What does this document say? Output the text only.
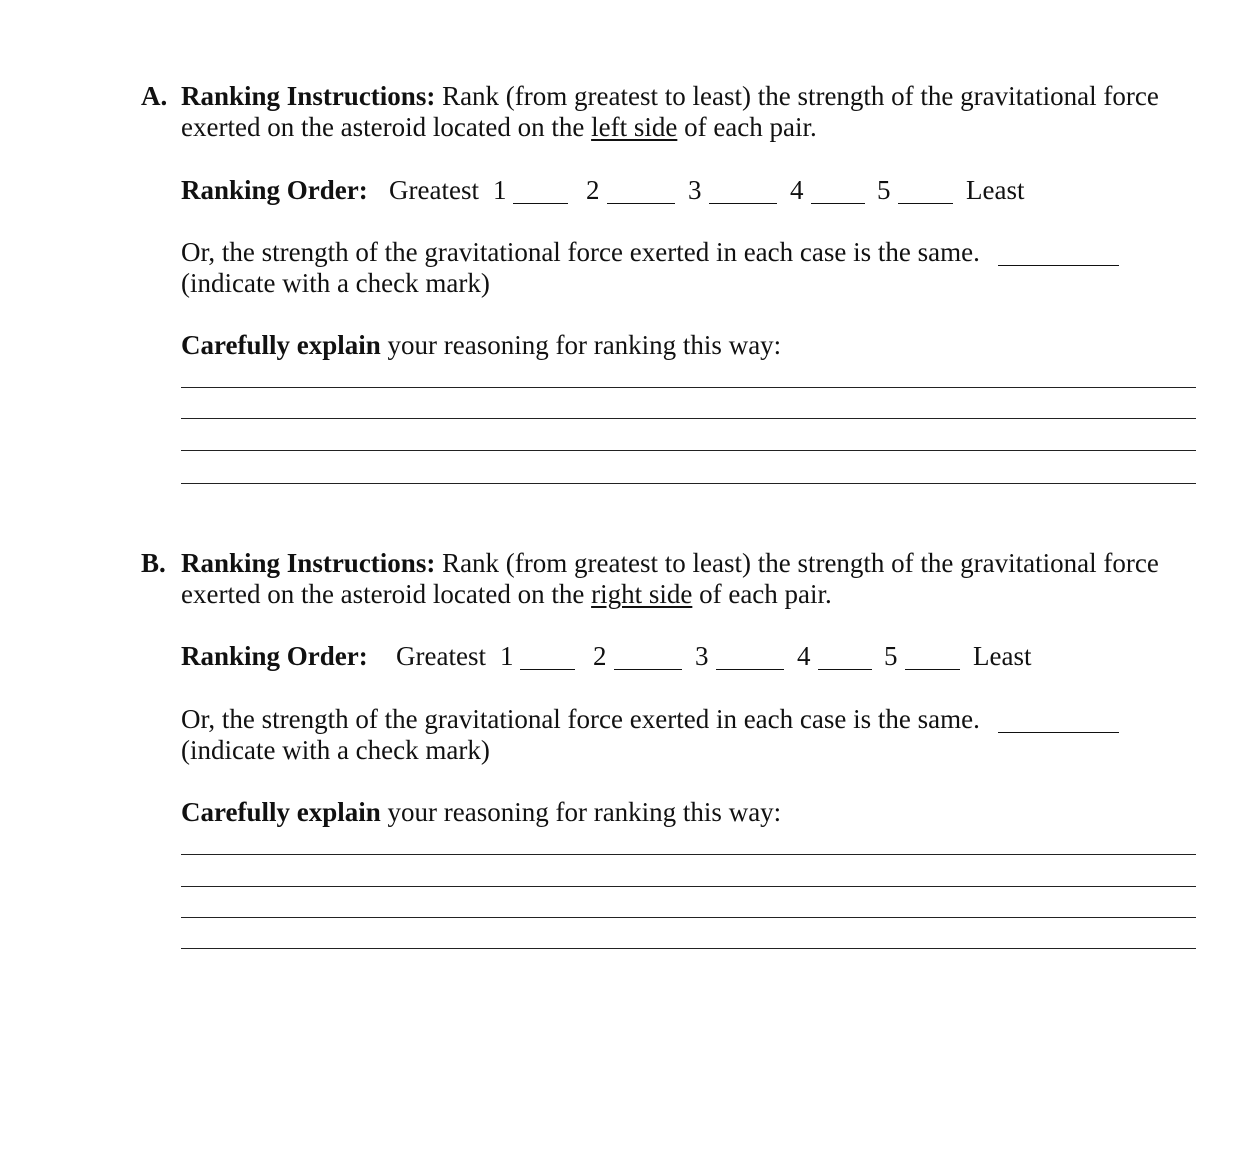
A. Ranking Instructions: Rank (from greatest to least) the strength of the gravitational force
exerted on the asteroid located on the left side of each pair.
Ranking Order: Greatest 1	2	3	4	5	Least
Or, the strength of the gravitational force exerted in each case is the same.
(indicate with a check mark)
Carefully explain your reasoning for ranking this way:
B. Ranking Instructions: Rank (from greatest to least) the strength of the gravitational force
exerted on the asteroid located on the right side of each pair.
Ranking Order: Greatest 1	2	3	4	5	Least
Or, the strength of the gravitational force exerted in each case is the same.
(indicate with a check mark)
Carefully explain your reasoning for ranking this way:
